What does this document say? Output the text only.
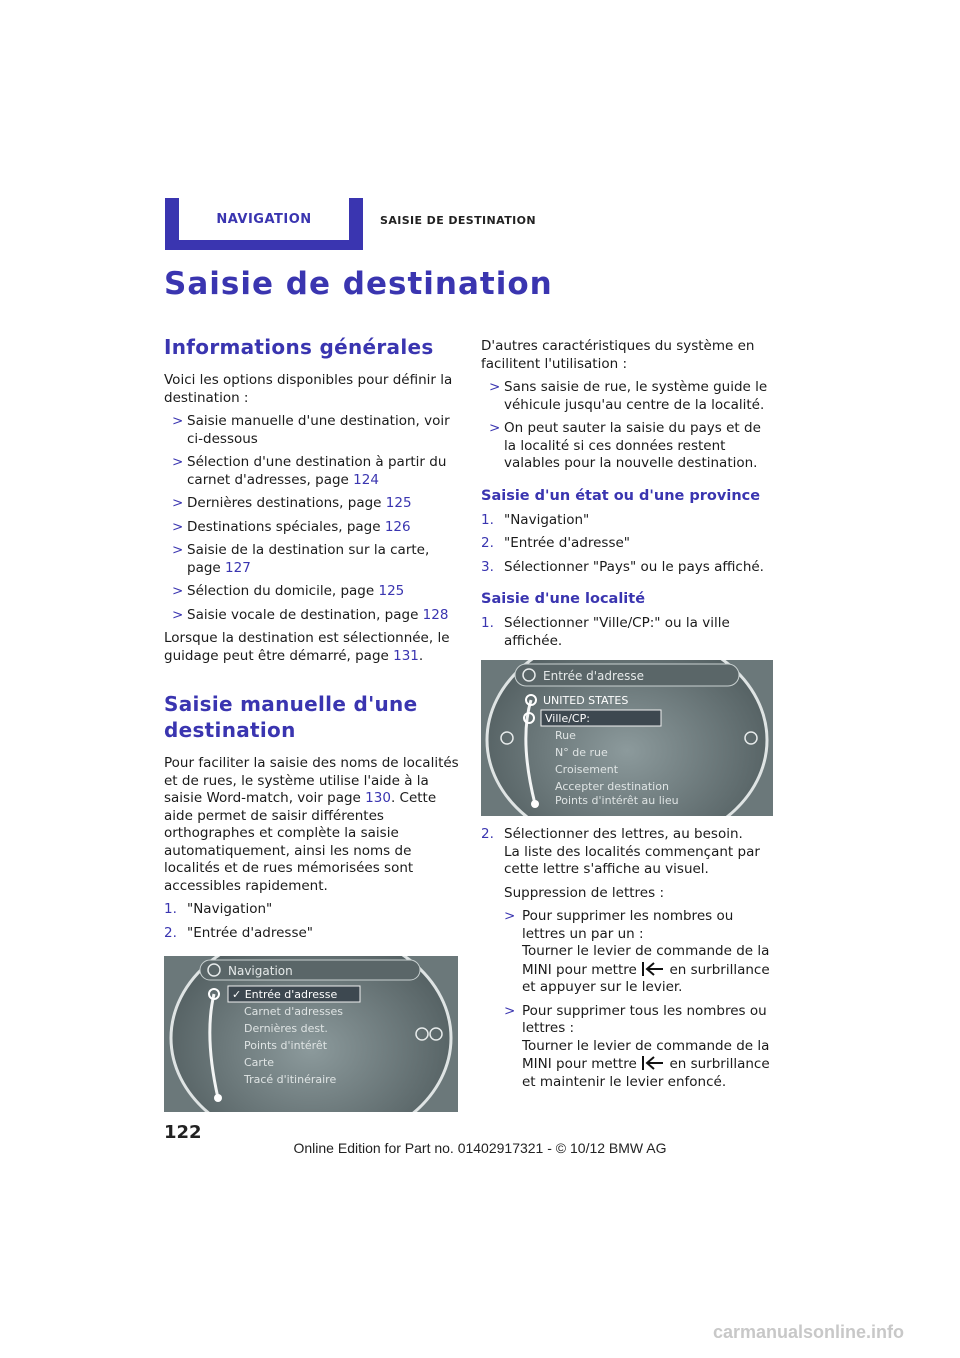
NAVIGATION	SAISIE DE DESTINATION
Saisie de destination
Informations générales

Voici les options disponibles pour définir la destination :

> Saisie manuelle d'une destination, voir ci-dessous
> Sélection d'une destination à partir du carnet d'adresses, page 124
> Dernières destinations, page 125
> Destinations spéciales, page 126
> Saisie de la destination sur la carte, page 127
> Sélection du domicile, page 125
> Saisie vocale de destination, page 128

Lorsque la destination est sélectionnée, le guidage peut être démarré, page 131.

Saisie manuelle d'une destination

Pour faciliter la saisie des noms de localités et de rues, le système utilise l'aide à la saisie Word-match, voir page 130. Cette aide permet de saisir différentes orthographes et complète la saisie automatiquement, ainsi les noms de localités et de rues mémorisées sont accessibles rapidement.

1. "Navigation"
2. "Entrée d'adresse"
Navigation
✓ Entrée d'adresse
Carnet d'adresses
Dernières dest.
Points d'intérêt
Carte
Tracé d'itinéraire

D'autres caractéristiques du système en facilitent l'utilisation :

> Sans saisie de rue, le système guide le véhicule jusqu'au centre de la localité.
> On peut sauter la saisie du pays et de la localité si ces données restent valables pour la nouvelle destination.
Saisie d'un état ou d'une province
1. "Navigation"
2. "Entrée d'adresse"
3. Sélectionner "Pays" ou le pays affiché.
Saisie d'une localité
1. Sélectionner "Ville/CP:" ou la ville affichée.
Entrée d'adresse
UNITED STATES
Ville/CP:
Rue
N° de rue
Croisement
Accepter destination
Points d'intérêt au lieu
2. Sélectionner des lettres, au besoin.
La liste des localités commençant par cette lettre s'affiche au visuel.

Suppression de lettres :

> Pour supprimer les nombres ou lettres un par un :
Tourner le levier de commande de la MINI pour mettre en surbrillance et appuyer sur le levier.
> Pour supprimer tous les nombres ou lettres :
Tourner le levier de commande de la MINI pour mettre en surbrillance et maintenir le levier enfoncé.
122
Online Edition for Part no. 01402917321 - © 10/12 BMW AG
carmanualsonline.info
